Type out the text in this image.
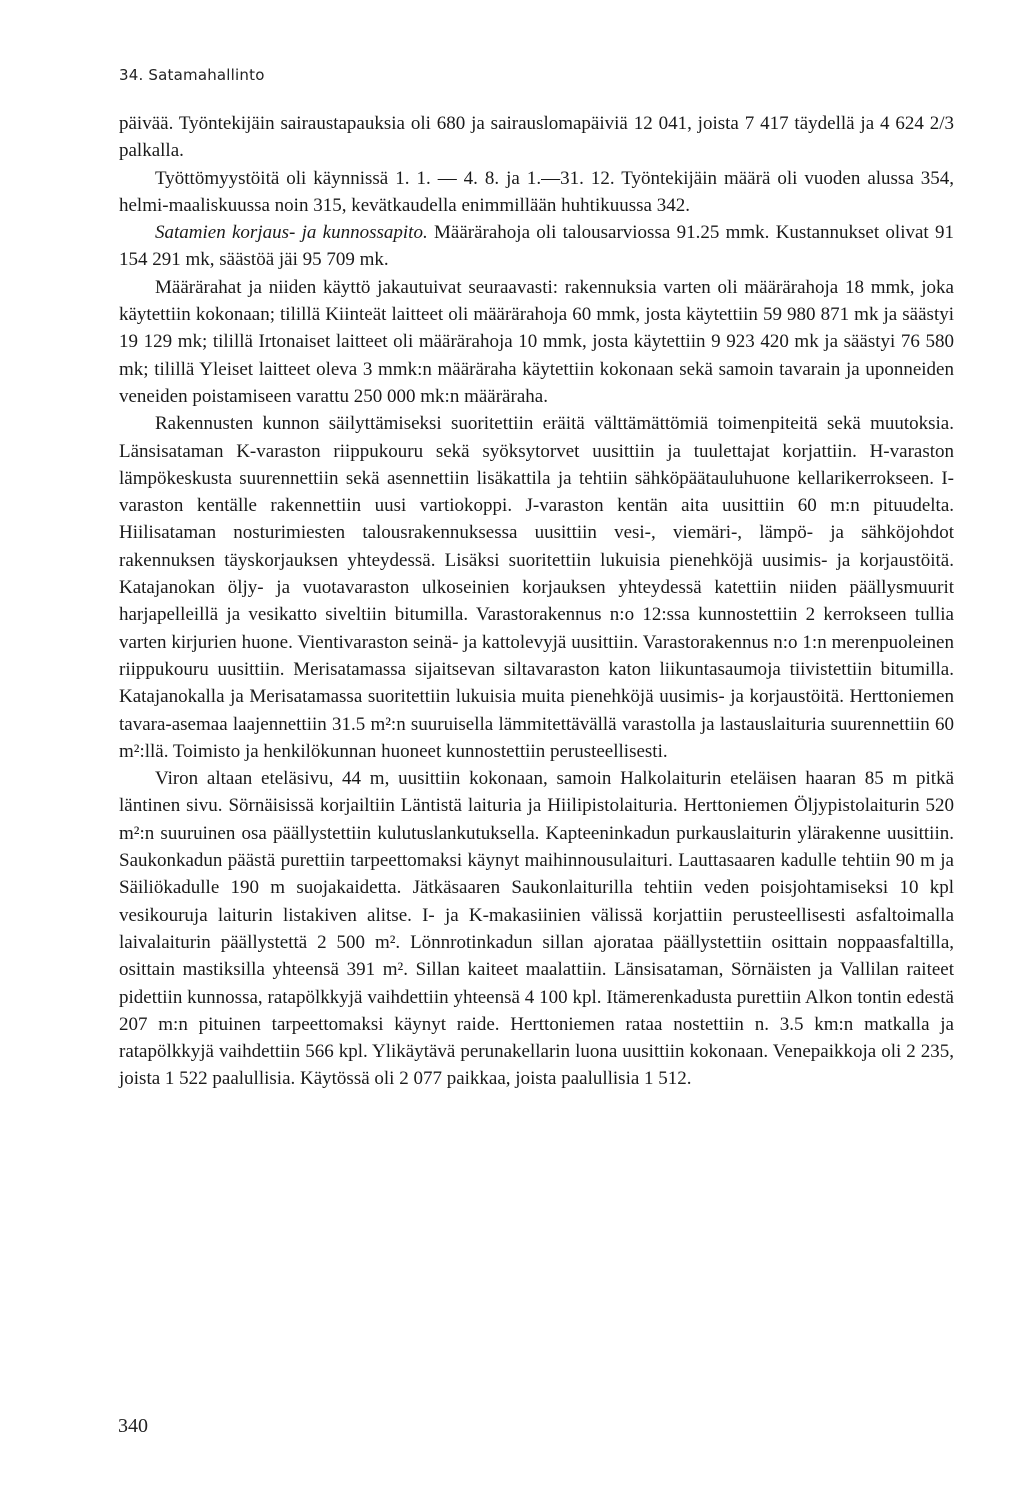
34. Satamahallinto

päivää. Työntekijäin sairaustapauksia oli 680 ja sairauslomapäiviä 12 041, joista 7 417 täydellä ja 4 624 2/3 palkalla.

Työttömyystöitä oli käynnissä 1. 1. — 4. 8. ja 1.—31. 12. Työntekijäin määrä oli vuoden alussa 354, helmi-maaliskuussa noin 315, kevätkaudella enimmillään huhtikuussa 342.

Satamien korjaus- ja kunnossapito. Määrärahoja oli talousarviossa 91.25 mmk. Kustannukset olivat 91 154 291 mk, säästöä jäi 95 709 mk.

Määrärahat ja niiden käyttö jakautuivat seuraavasti: rakennuksia varten oli määrärahoja 18 mmk, joka käytettiin kokonaan; tilillä Kiinteät laitteet oli määrärahoja 60 mmk, josta käytettiin 59 980 871 mk ja säästyi 19 129 mk; tilillä Irtonaiset laitteet oli määrärahoja 10 mmk, josta käytettiin 9 923 420 mk ja säästyi 76 580 mk; tilillä Yleiset laitteet oleva 3 mmk:n määräraha käytettiin kokonaan sekä samoin tavarain ja uponneiden veneiden poistamiseen varattu 250 000 mk:n määräraha.

Rakennusten kunnon säilyttämiseksi suoritettiin eräitä välttämättömiä toimenpiteitä sekä muutoksia. Länsisataman K-varaston riippukouru sekä syöksytorvet uusittiin ja tuulettajat korjattiin. H-varaston lämpökeskusta suurennettiin sekä asennettiin lisäkattila ja tehtiin sähköpäätauluhuone kellarikerrokseen. I-varaston kentälle rakennettiin uusi vartiokoppi. J-varaston kentän aita uusittiin 60 m:n pituudelta. Hiilisataman nosturimiesten talousrakennuksessa uusittiin vesi-, viemäri-, lämpö- ja sähköjohdot rakennuksen täyskorjauksen yhteydessä. Lisäksi suoritettiin lukuisia pienehköjä uusimis- ja korjaustöitä. Katajanokan öljy- ja vuotavaraston ulkoseinien korjauksen yhteydessä katettiin niiden päällysmuurit harjapelleillä ja vesikatto siveltiin bitumilla. Varastorakennus n:o 12:ssa kunnostettiin 2 kerrokseen tullia varten kirjurien huone. Vientivaraston seinä- ja kattolevyjä uusittiin. Varastorakennus n:o 1:n merenpuoleinen riippukouru uusittiin. Merisatamassa sijaitsevan siltavaraston katon liikuntasaumoja tiivistettiin bitumilla. Katajanokalla ja Merisatamassa suoritettiin lukuisia muita pienehköjä uusimis- ja korjaustöitä. Herttoniemen tavara-asemaa laajennettiin 31.5 m²:n suuruisella lämmitettävällä varastolla ja lastauslaituria suurennettiin 60 m²:llä. Toimisto ja henkilökunnan huoneet kunnostettiin perusteellisesti.

Viron altaan eteläsivu, 44 m, uusittiin kokonaan, samoin Halkolaiturin eteläisen haaran 85 m pitkä läntinen sivu. Sörnäisissä korjailtiin Läntistä laituria ja Hiilipistolaituria. Herttoniemen Öljypistolaiturin 520 m²:n suuruinen osa päällystettiin kulutuslankutuksella. Kapteeninkadun purkauslaiturin ylärakenne uusittiin. Saukonkadun päästä purettiin tarpeettomaksi käynyt maihinnousulaituri. Lauttasaaren kadulle tehtiin 90 m ja Säiliökadulle 190 m suojakaidetta. Jätkäsaaren Saukonlaiturilla tehtiin veden poisjohtamiseksi 10 kpl vesikouruja laiturin listakiven alitse. I- ja K-makasiinien välissä korjattiin perusteellisesti asfaltoimalla laivalaiturin päällystettä 2 500 m². Lönnrotinkadun sillan ajorataa päällystettiin osittain noppaasfaltilla, osittain mastiksilla yhteensä 391 m². Sillan kaiteet maalattiin. Länsisataman, Sörnäisten ja Vallilan raiteet pidettiin kunnossa, ratapölkkyjä vaihdettiin yhteensä 4 100 kpl. Itämerenkadusta purettiin Alkon tontin edestä 207 m:n pituinen tarpeettomaksi käynyt raide. Herttoniemen rataa nostettiin n. 3.5 km:n matkalla ja ratapölkkyjä vaihdettiin 566 kpl. Ylikäytävä perunakellarin luona uusittiin kokonaan. Venepaikkoja oli 2 235, joista 1 522 paalullisia. Käytössä oli 2 077 paikkaa, joista paalullisia 1 512.

340
